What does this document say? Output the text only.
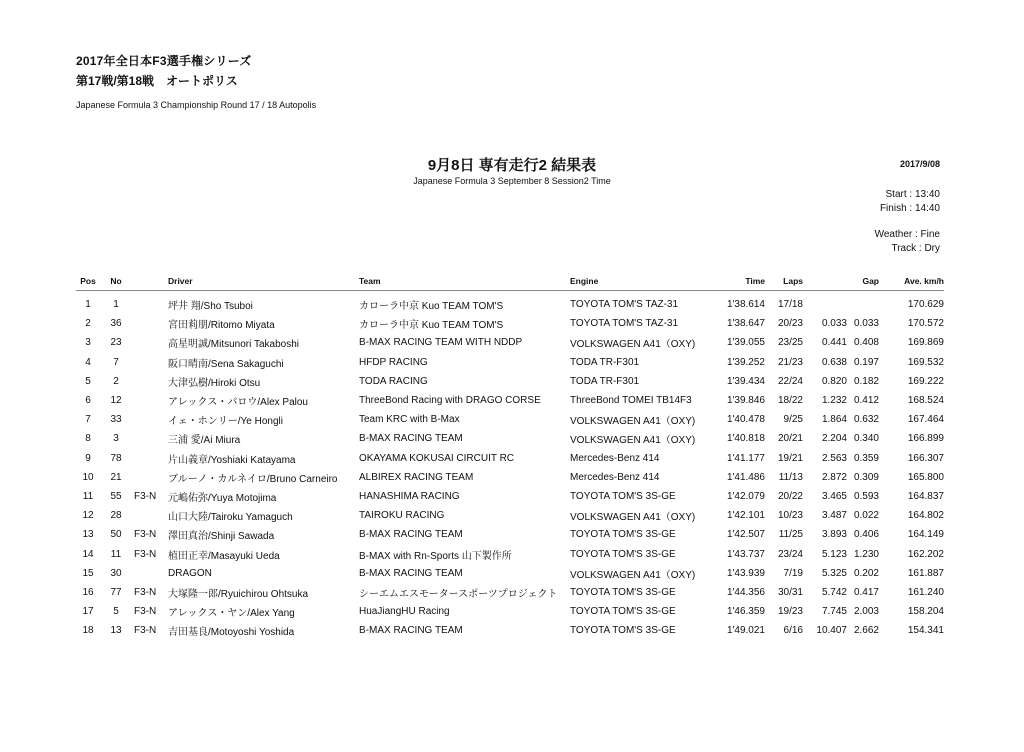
2017年全日本F3選手権シリーズ
第17戦/第18戦　オートポリス
Japanese Formula 3 Championship Round 17 / 18 Autopolis
9月8日 専有走行2 結果表
Japanese Formula 3 September 8 Session2 Time
2017/9/08
Start : 13:40
Finish : 14:40
Weather : Fine
Track : Dry
Pos	No		Driver	Team	Engine	Time	Laps		Gap	Ave. km/h
1	1		坪井 翔/Sho Tsuboi	カローラ中京 Kuo TEAM TOM'S	TOYOTA TOM'S TAZ-31	1'38.614	17/18			170.629
2	36		宮田莉朋/Ritomo Miyata	カローラ中京 Kuo TEAM TOM'S	TOYOTA TOM'S TAZ-31	1'38.647	20/23	0.033	0.033	170.572
3	23		高星明誠/Mitsunori Takaboshi	B-MAX RACING TEAM WITH NDDP	VOLKSWAGEN A41（OXY)	1'39.055	23/25	0.441	0.408	169.869
4	7		阪口晴南/Sena Sakaguchi	HFDP RACING	TODA TR-F301	1'39.252	21/23	0.638	0.197	169.532
5	2		大津弘樹/Hiroki Otsu	TODA RACING	TODA TR-F301	1'39.434	22/24	0.820	0.182	169.222
6	12		アレックス・パロウ/Alex Palou	ThreeBond Racing with DRAGO CORSE	ThreeBond TOMEI TB14F3	1'39.846	18/22	1.232	0.412	168.524
7	33		イェ・ホンリー/Ye Hongli	Team KRC with B-Max	VOLKSWAGEN A41（OXY)	1'40.478	9/25	1.864	0.632	167.464
8	3		三浦 愛/Ai Miura	B-MAX RACING TEAM	VOLKSWAGEN A41（OXY)	1'40.818	20/21	2.204	0.340	166.899
9	78		片山義章/Yoshiaki Katayama	OKAYAMA KOKUSAI CIRCUIT RC	Mercedes-Benz 414	1'41.177	19/21	2.563	0.359	166.307
10	21		ブルーノ・カルネイロ/Bruno Carneiro	ALBIREX RACING TEAM	Mercedes-Benz 414	1'41.486	11/13	2.872	0.309	165.800
11	55	F3-N	元嶋佑弥/Yuya Motojima	HANASHIMA RACING	TOYOTA TOM'S 3S-GE	1'42.079	20/22	3.465	0.593	164.837
12	28		山口大陸/Tairoku Yamaguch	TAIROKU RACING	VOLKSWAGEN A41（OXY)	1'42.101	10/23	3.487	0.022	164.802
13	50	F3-N	澤田真治/Shinji Sawada	B-MAX RACING TEAM	TOYOTA TOM'S 3S-GE	1'42.507	11/25	3.893	0.406	164.149
14	11	F3-N	植田正幸/Masayuki Ueda	B-MAX with Rn-Sports 山下製作所	TOYOTA TOM'S 3S-GE	1'43.737	23/24	5.123	1.230	162.202
15	30		DRAGON	B-MAX RACING TEAM	VOLKSWAGEN A41（OXY)	1'43.939	7/19	5.325	0.202	161.887
16	77	F3-N	大塚隆一郎/Ryuichirou Ohtsuka	シーエムエスモータースポーツプロジェクト	TOYOTA TOM'S 3S-GE	1'44.356	30/31	5.742	0.417	161.240
17	5	F3-N	アレックス・ヤン/Alex Yang	HuaJiangHU Racing	TOYOTA TOM'S 3S-GE	1'46.359	19/23	7.745	2.003	158.204
18	13	F3-N	吉田基良/Motoyoshi Yoshida	B-MAX RACING TEAM	TOYOTA TOM'S 3S-GE	1'49.021	6/16	10.407	2.662	154.341
